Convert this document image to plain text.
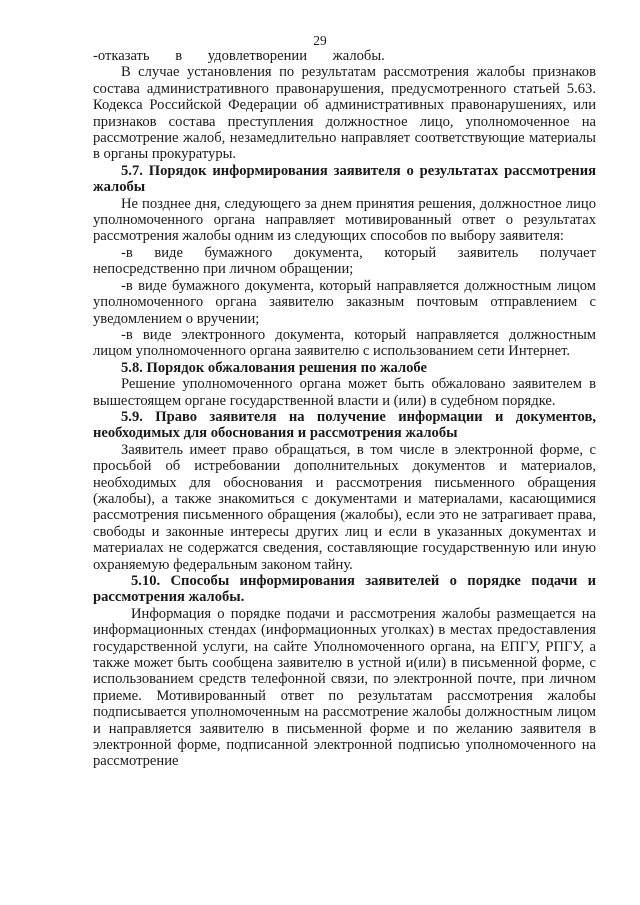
29

-отказать в удовлетворении жалобы.

В случае установления по результатам рассмотрения жалобы признаков состава административного правонарушения, предусмотренного статьей 5.63. Кодекса Российской Федерации об административных правонарушениях, или признаков состава преступления должностное лицо, уполномоченное на рассмотрение жалоб, незамедлительно направляет соответствующие материалы в органы прокуратуры.

5.7. Порядок информирования заявителя о результатах рассмотрения жалобы

Не позднее дня, следующего за днем принятия решения, должностное лицо уполномоченного органа направляет мотивированный ответ о результатах рассмотрения жалобы одним из следующих способов по выбору заявителя:

-в виде бумажного документа, который заявитель получает непосредственно при личном обращении;

-в виде бумажного документа, который направляется должностным лицом уполномоченного органа заявителю заказным почтовым отправлением с уведомлением о вручении;

-в виде электронного документа, который направляется должностным лицом уполномоченного органа заявителю с использованием сети Интернет.

5.8. Порядок обжалования решения по жалобе

Решение уполномоченного органа может быть обжаловано заявителем в вышестоящем органе государственной власти и (или) в судебном порядке.

5.9. Право заявителя на получение информации и документов, необходимых для обоснования и рассмотрения жалобы

Заявитель имеет право обращаться, в том числе в электронной форме, с просьбой об истребовании дополнительных документов и материалов, необходимых для обоснования и рассмотрения письменного обращения (жалобы), а также знакомиться с документами и материалами, касающимися рассмотрения письменного обращения (жалобы), если это не затрагивает права, свободы и законные интересы других лиц и если в указанных документах и материалах не содержатся сведения, составляющие государственную или иную охраняемую федеральным законом тайну.

5.10. Способы информирования заявителей о порядке подачи и рассмотрения жалобы.

Информация о порядке подачи и рассмотрения жалобы размещается на информационных стендах (информационных уголках) в местах предоставления государственной услуги, на сайте Уполномоченного органа, на ЕПГУ, РПГУ, а также может быть сообщена заявителю в устной и(или) в письменной форме, с использованием средств телефонной связи, по электронной почте, при личном приеме. Мотивированный ответ по результатам рассмотрения жалобы подписывается уполномоченным на рассмотрение жалобы должностным лицом и направляется заявителю в письменной форме и по желанию заявителя в электронной форме, подписанной электронной подписью уполномоченного на рассмотрение
